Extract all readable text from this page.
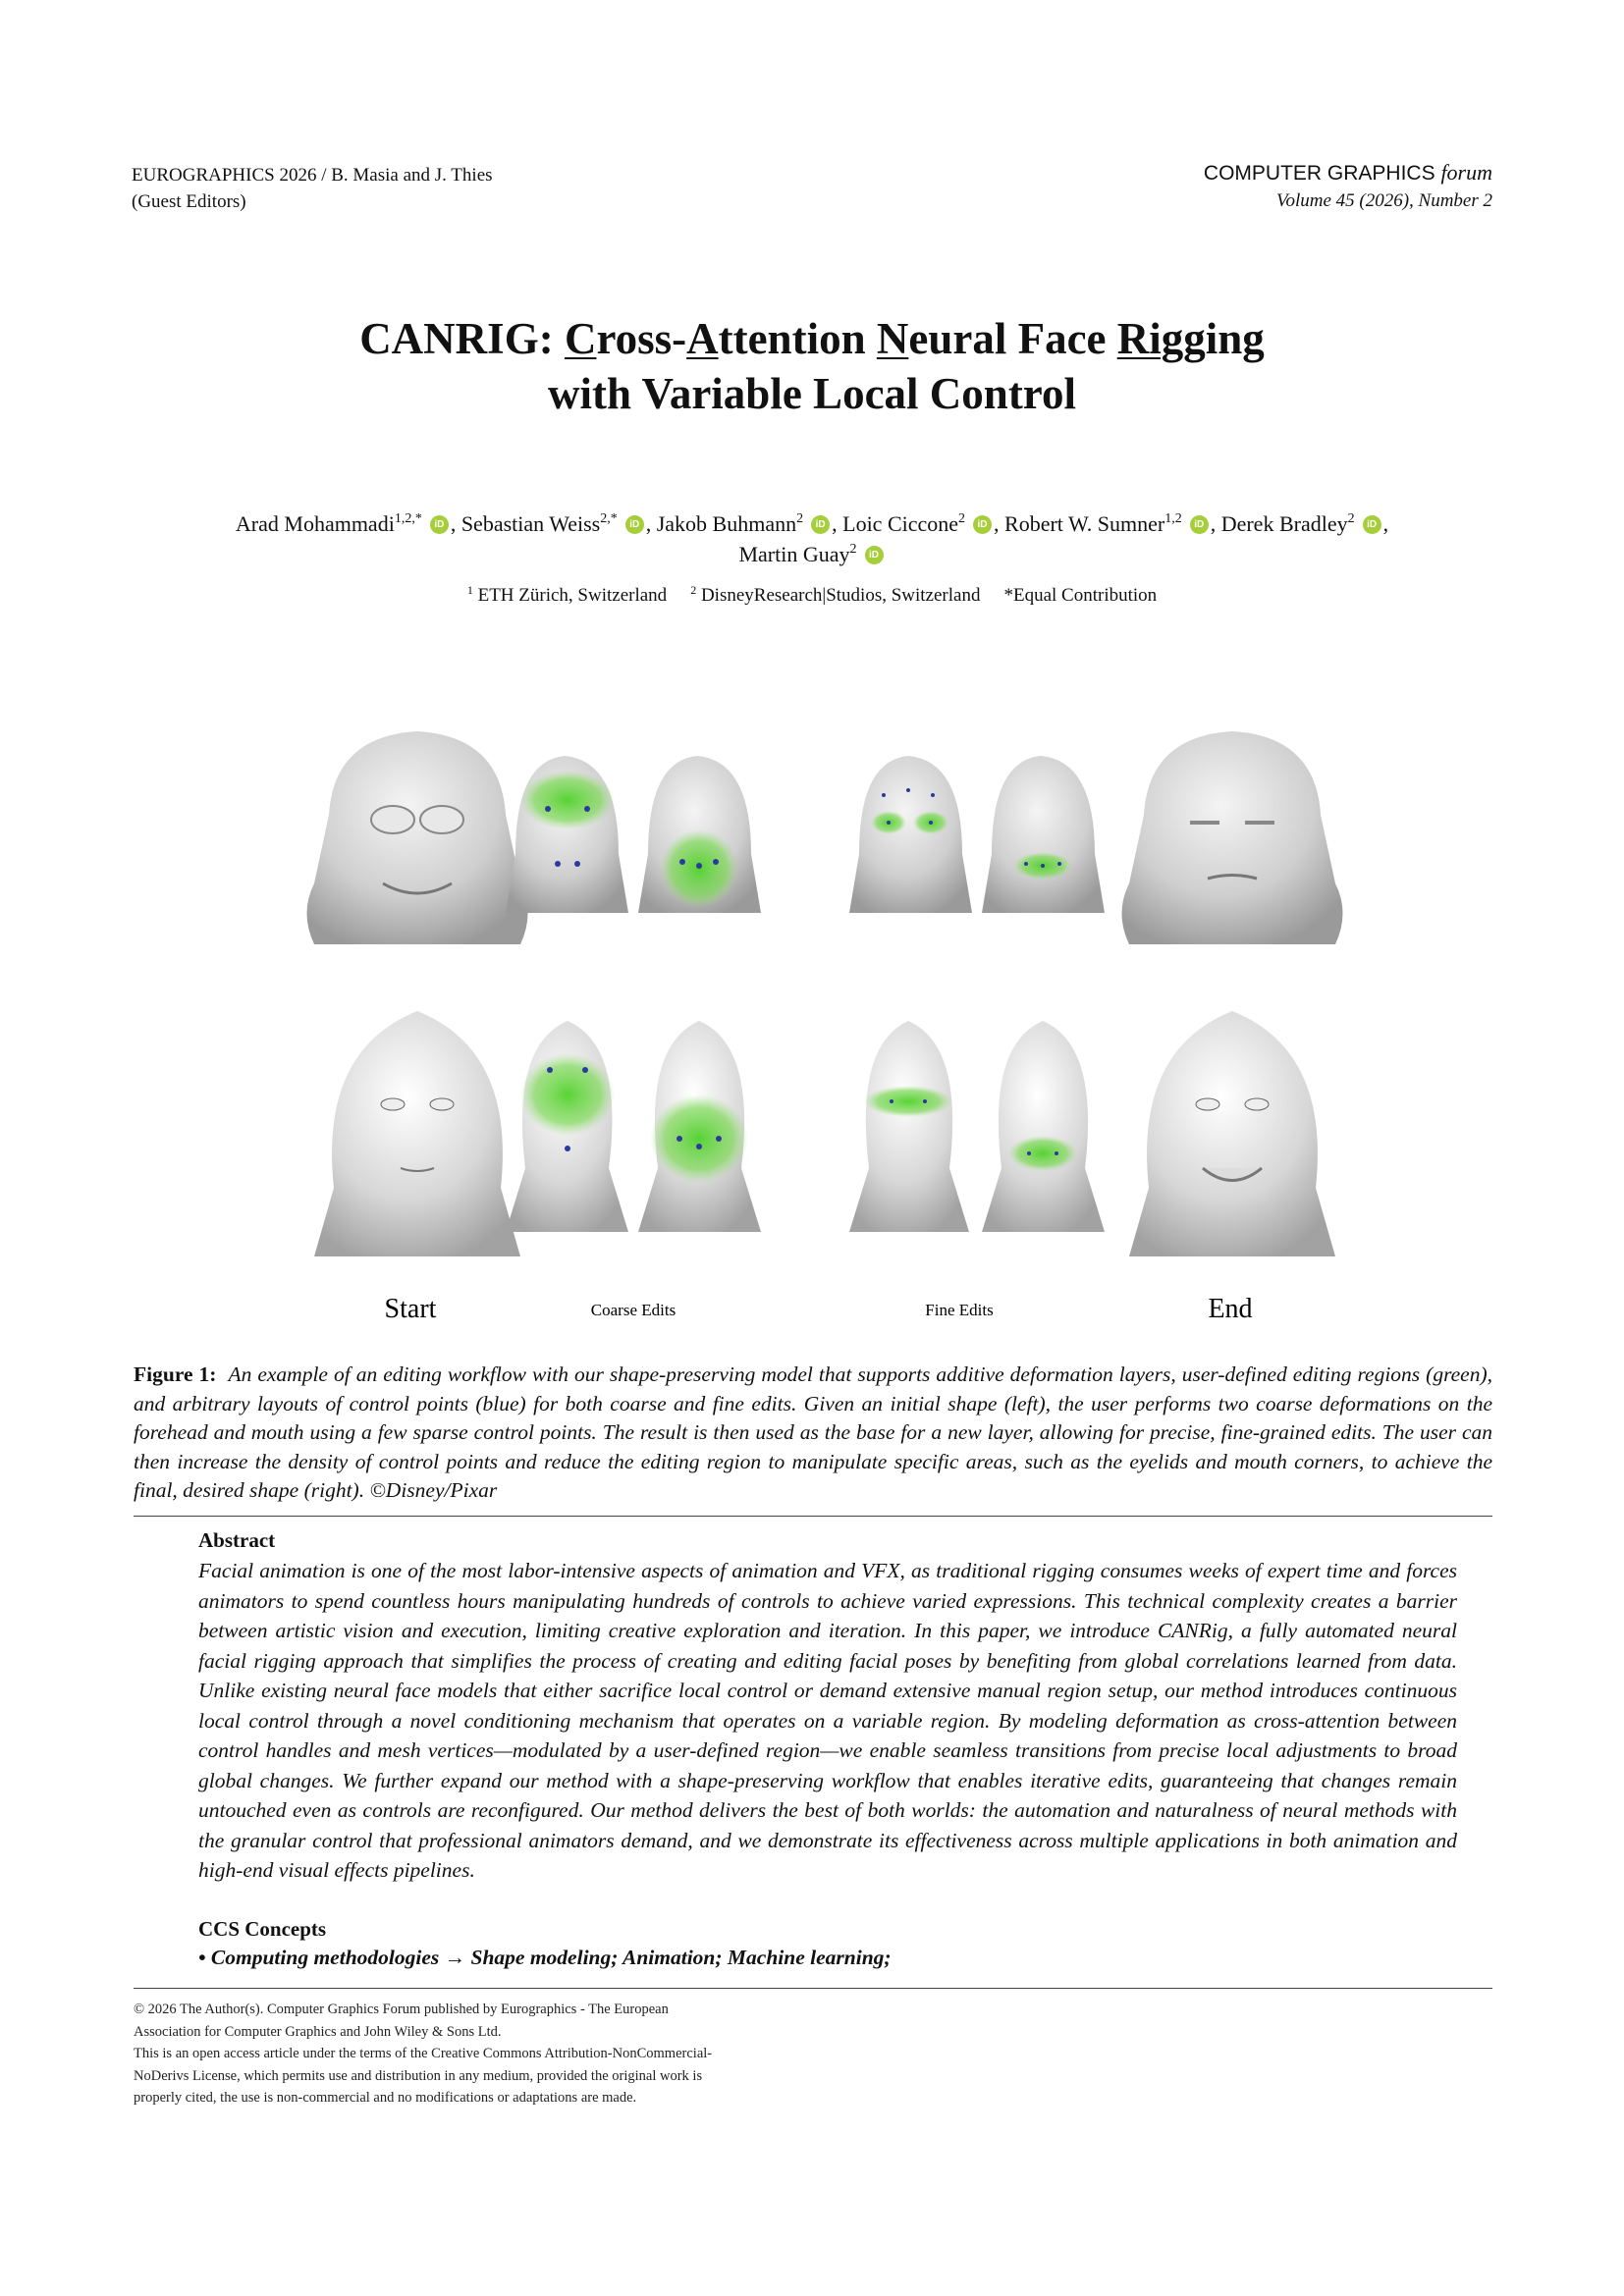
EUROGRAPHICS 2026 / B. Masia and J. Thies
(Guest Editors)
COMPUTER GRAPHICS forum
Volume 45 (2026), Number 2
CANRIG: Cross-Attention Neural Face Rigging
with Variable Local Control
Arad Mohammadi$^{1,2,*}$ iD , Sebastian Weiss$^{2,*}$ iD , Jakob Buhmann$^2$ iD , Loic Ciccone$^2$ iD , Robert W. Sumner$^{1,2}$ iD , Derek Bradley$^2$ iD ,
Martin Guay$^2$ iD
$^1$ ETH Zürich, Switzerland $^2$ DisneyResearch|Studios, Switzerland *Equal Contribution
Start	Coarse Edits	Fine Edits	End
Figure 1: An example of an editing workflow with our shape-preserving model that supports additive deformation layers, user-defined editing regions (green), and arbitrary layouts of control points (blue) for both coarse and fine edits. Given an initial shape (left), the user performs two coarse deformations on the forehead and mouth using a few sparse control points. The result is then used as the base for a new layer, allowing for precise, fine-grained edits. The user can then increase the density of control points and reduce the editing region to manipulate specific areas, such as the eyelids and mouth corners, to achieve the final, desired shape (right). ©Disney/Pixar
Abstract
Facial animation is one of the most labor-intensive aspects of animation and VFX, as traditional rigging consumes weeks of expert time and forces animators to spend countless hours manipulating hundreds of controls to achieve varied expressions. This technical complexity creates a barrier between artistic vision and execution, limiting creative exploration and iteration. In this paper, we introduce CANRig, a fully automated neural facial rigging approach that simplifies the process of creating and editing facial poses by benefiting from global correlations learned from data. Unlike existing neural face models that either sacrifice local control or demand extensive manual region setup, our method introduces continuous local control through a novel conditioning mechanism that operates on a variable region. By modeling deformation as cross-attention between control handles and mesh vertices—modulated by a user-defined region—we enable seamless transitions from precise local adjustments to broad global changes. We further expand our method with a shape-preserving workflow that enables iterative edits, guaranteeing that changes remain untouched even as controls are reconfigured. Our method delivers the best of both worlds: the automation and naturalness of neural methods with the granular control that professional animators demand, and we demonstrate its effectiveness across multiple applications in both animation and high-end visual effects pipelines.
CCS Concepts
• Computing methodologies → Shape modeling; Animation; Machine learning;
© 2026 The Author(s). Computer Graphics Forum published by Eurographics - The European
Association for Computer Graphics and John Wiley & Sons Ltd.
This is an open access article under the terms of the Creative Commons Attribution-NonCommercial-
NoDerivs License, which permits use and distribution in any medium, provided the original work is
properly cited, the use is non-commercial and no modifications or adaptations are made.
